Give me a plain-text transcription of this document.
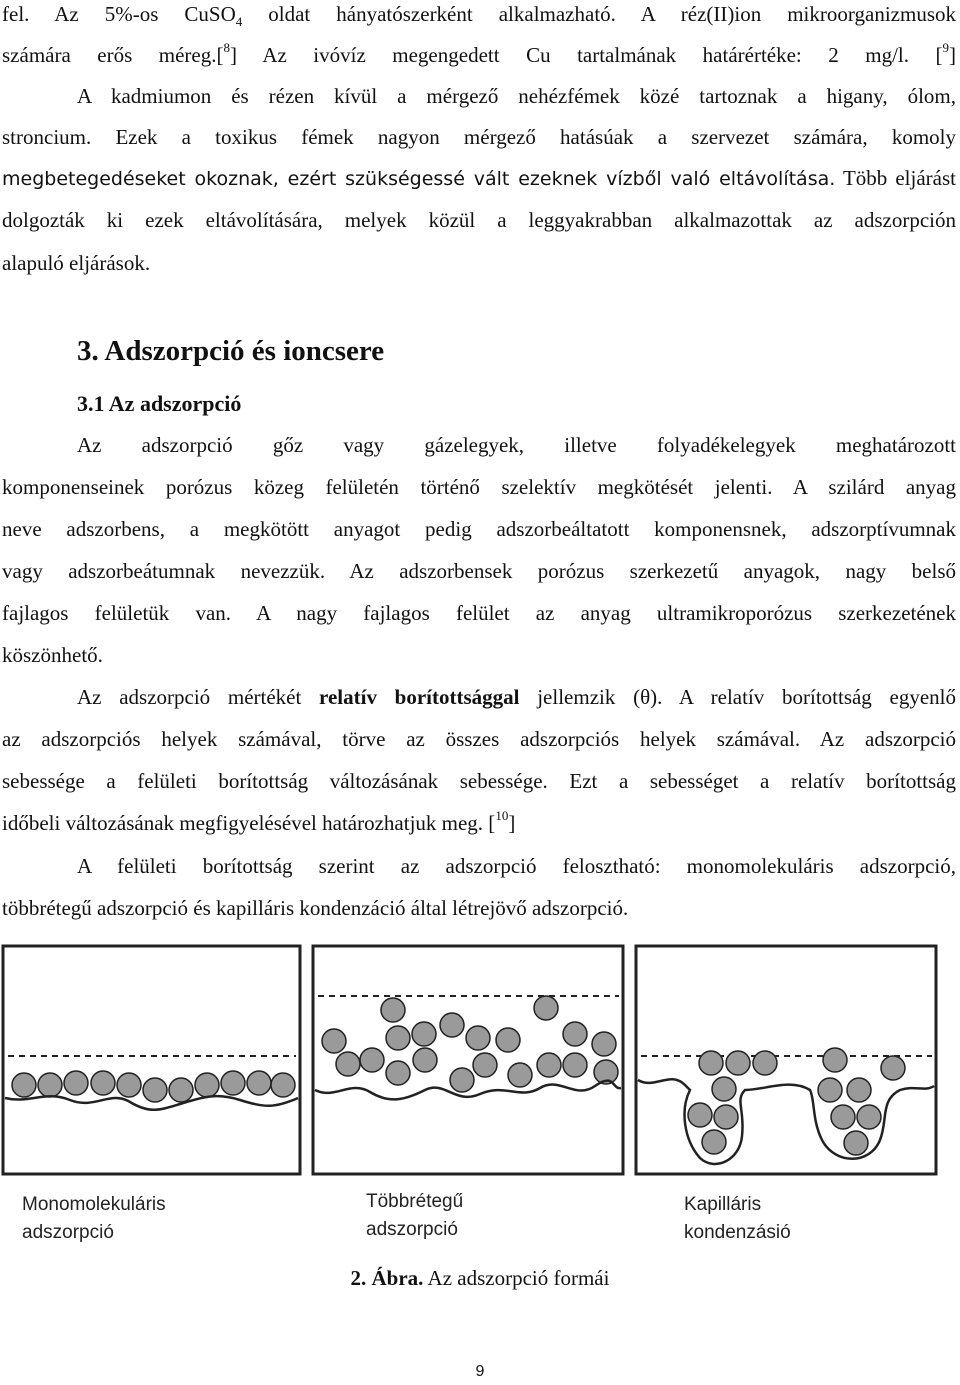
fel. Az 5%-os CuSO$_4$ oldat hányatószerként alkalmazható. A réz(II)ion mikroorganizmusok
számára erős méreg.[$^8$] Az ivóvíz megengedett Cu tartalmának határértéke: 2 mg/l. [$^9$]
A kadmiumon és rézen kívül a mérgező nehézfémek közé tartoznak a higany, ólom,
stroncium. Ezek a toxikus fémek nagyon mérgező hatásúak a szervezet számára, komoly
megbetegedéseket okoznak, ezért szükségessé vált ezeknek vízből való eltávolítása. Több eljárást
dolgozták ki ezek eltávolítására, melyek közül a leggyakrabban alkalmazottak az adszorpción
alapuló eljárások.
3. Adszorpció és ioncsere
3.1 Az adszorpció
Az adszorpció gőz vagy gázelegyek, illetve folyadékelegyek meghatározott
komponenseinek porózus közeg felületén történő szelektív megkötését jelenti. A szilárd anyag
neve adszorbens, a megkötött anyagot pedig adszorbeáltatott komponensnek, adszorptívumnak
vagy adszorbeátumnak nevezzük. Az adszorbensek porózus szerkezetű anyagok, nagy belső
fajlagos felületük van. A nagy fajlagos felület az anyag ultramikroporózus szerkezetének
köszönhető.
Az adszorpció mértékét relatív borítottsággal jellemzik (θ). A relatív borítottság egyenlő
az adszorpciós helyek számával, törve az összes adszorpciós helyek számával. Az adszorpció
sebessége a felületi borítottság változásának sebessége. Ezt a sebességet a relatív borítottság
időbeli változásának megfigyelésével határozhatjuk meg. [$^{10}$]
A felületi borítottság szerint az adszorpció felosztható: monomolekuláris adszorpció,
többrétegű adszorpció és kapilláris kondenzáció által létrejövő adszorpció.
Monomolekuláris
adszorpció
Többrétegű
adszorpció
Kapilláris
kondenzásió
2. Ábra. Az adszorpció formái
9
